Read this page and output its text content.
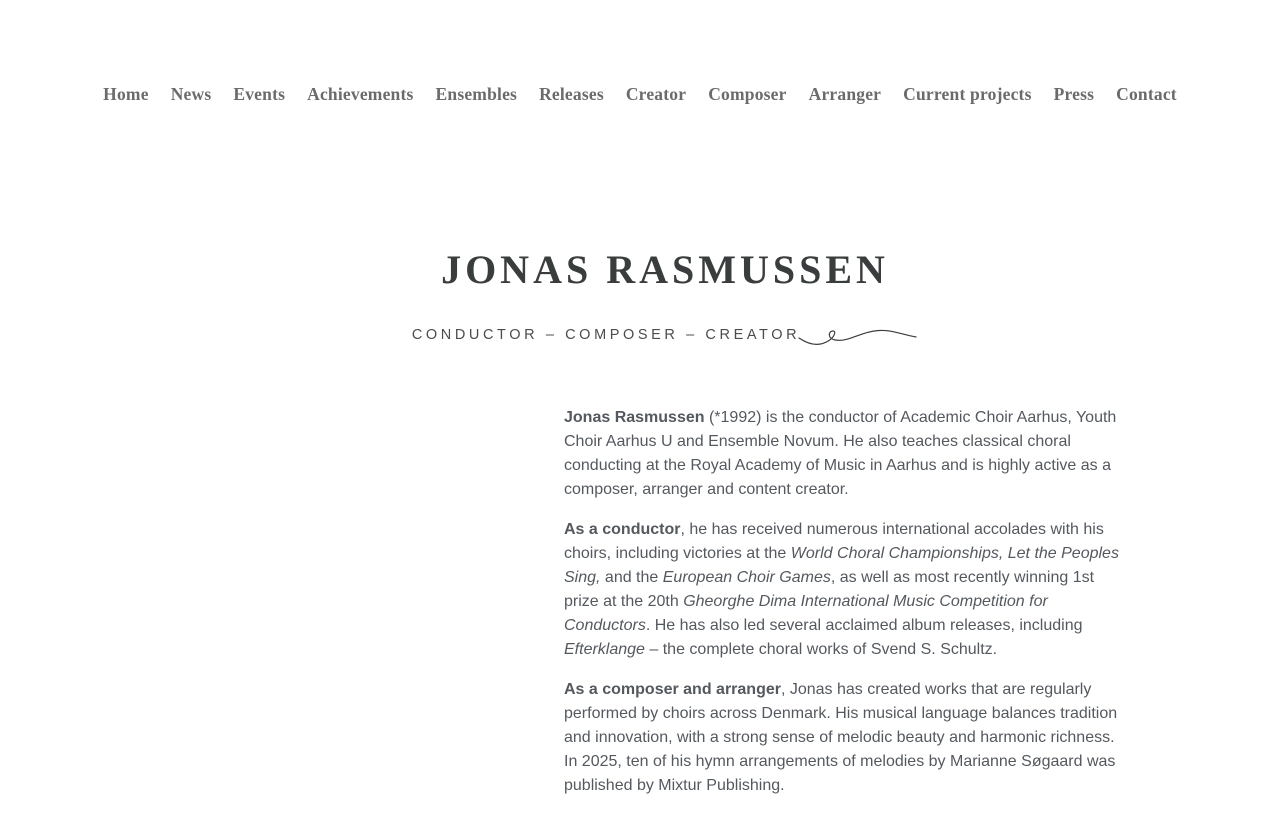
Home News Events Achievements Ensembles Releases Creator Composer Arranger Current projects Press Contact
JONAS RASMUSSEN
CONDUCTOR – COMPOSER – CREATOR

Jonas Rasmussen (*1992) is the conductor of Academic Choir Aarhus, Youth Choir Aarhus U and Ensemble Novum. He also teaches classical choral conducting at the Royal Academy of Music in Aarhus and is highly active as a composer, arranger and content creator.

As a conductor, he has received numerous international accolades with his choirs, including victories at the World Choral Championships, Let the Peoples Sing, and the European Choir Games, as well as most recently winning 1st prize at the 20th Gheorghe Dima International Music Competition for Conductors. He has also led several acclaimed album releases, including Efterklange – the complete choral works of Svend S. Schultz.

As a composer and arranger, Jonas has created works that are regularly performed by choirs across Denmark. His musical language balances tradition and innovation, with a strong sense of melodic beauty and harmonic richness. In 2025, ten of his hymn arrangements of melodies by Marianne Søgaard was published by Mixtur Publishing.
